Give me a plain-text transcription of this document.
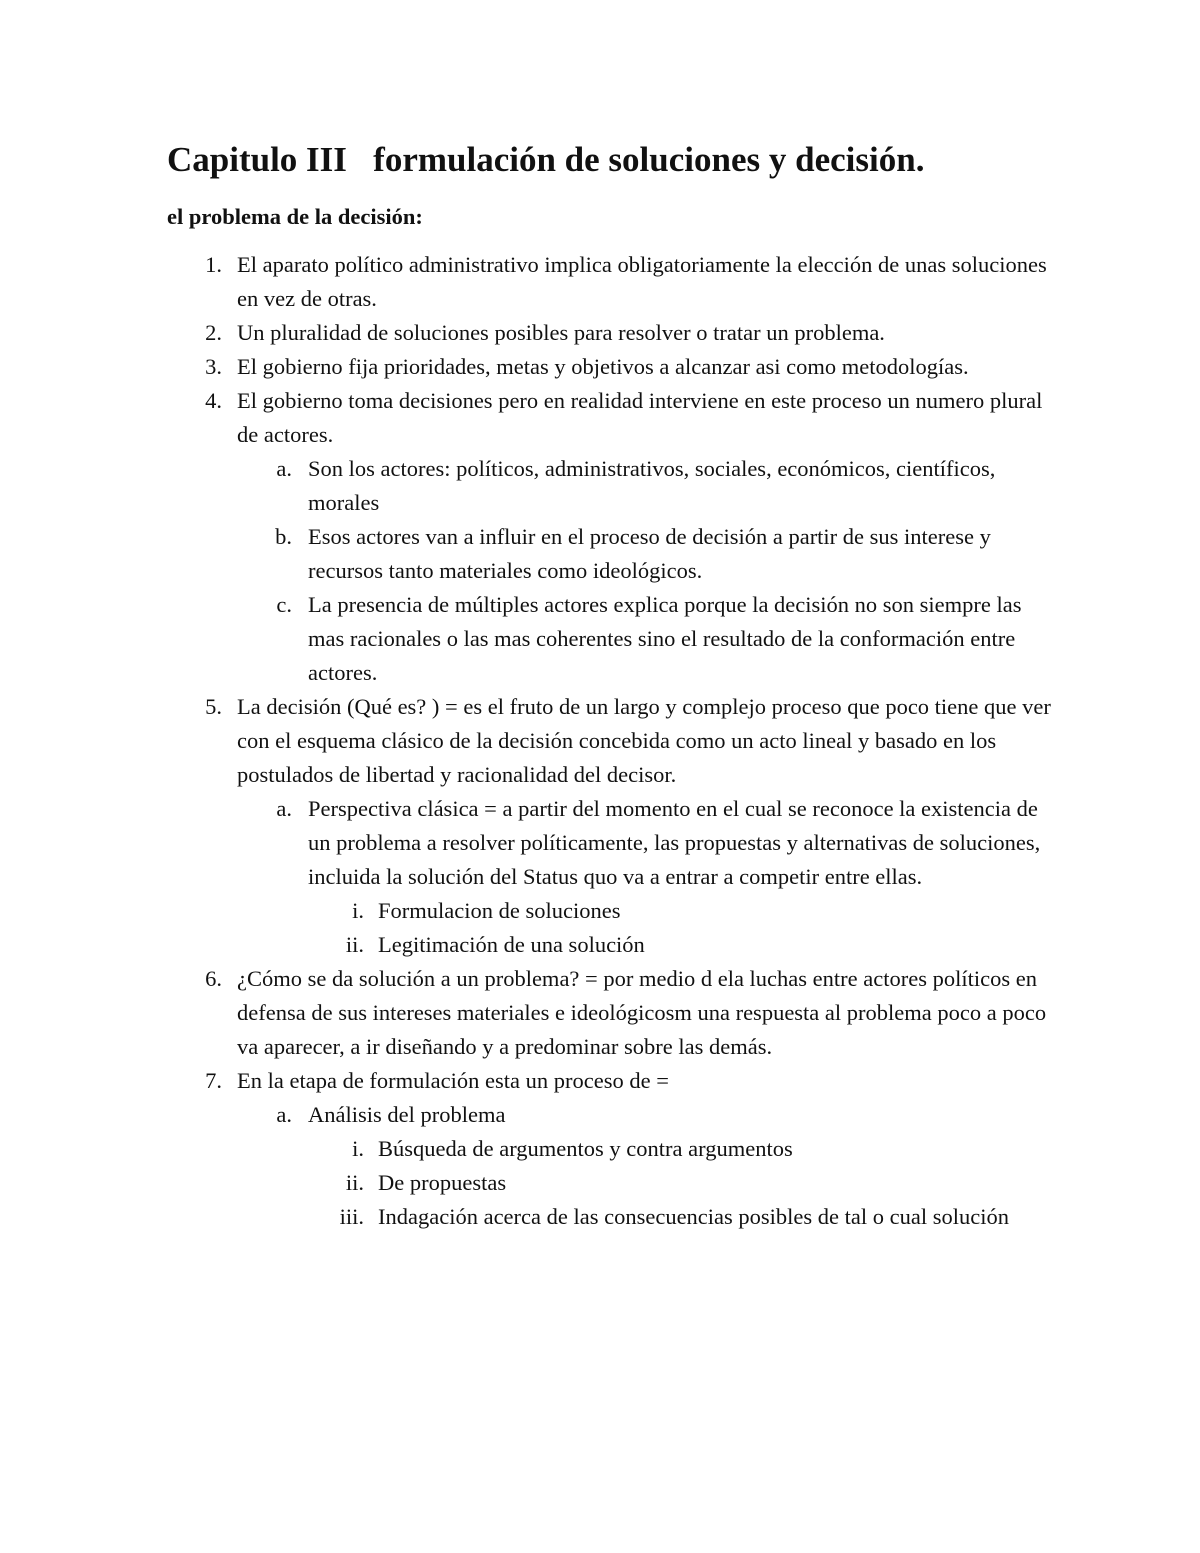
Capitulo III   formulación de soluciones y decisión.

el problema de la decisión:

1. El aparato político administrativo implica obligatoriamente la elección de unas soluciones en vez de otras.
2. Un pluralidad de soluciones posibles para resolver o tratar un problema.
3. El gobierno fija prioridades, metas y objetivos a alcanzar asi como metodologías.
4. El gobierno toma decisiones pero en realidad interviene en este proceso un numero plural de actores.
a. Son los actores: políticos, administrativos, sociales, económicos, científicos, morales
b. Esos actores van a influir en el proceso de decisión a partir de sus interese y recursos tanto materiales como ideológicos.
c. La presencia de múltiples actores explica porque la decisión no son siempre las mas racionales o las mas coherentes sino el resultado de la conformación entre actores.
5. La decisión (Qué es? ) = es el fruto de un largo y complejo proceso que poco tiene que ver con el esquema clásico de la decisión concebida como un acto lineal y basado en los postulados de libertad y racionalidad del decisor.
a. Perspectiva clásica = a partir del momento en el cual se reconoce la existencia de un problema a resolver políticamente, las propuestas y alternativas de soluciones, incluida la solución del Status quo va a entrar a competir entre ellas.
i. Formulacion de soluciones
ii. Legitimación de una solución
6. ¿Cómo se da solución a un problema? = por medio d ela luchas entre actores políticos en defensa de sus intereses materiales e ideológicosm una respuesta al problema poco a poco va aparecer, a ir diseñando y a predominar sobre las demás.
7. En la etapa de formulación esta un proceso de =
a. Análisis del problema
i. Búsqueda de argumentos y contra argumentos
ii. De propuestas
iii. Indagación acerca de las consecuencias posibles de tal o cual solución
